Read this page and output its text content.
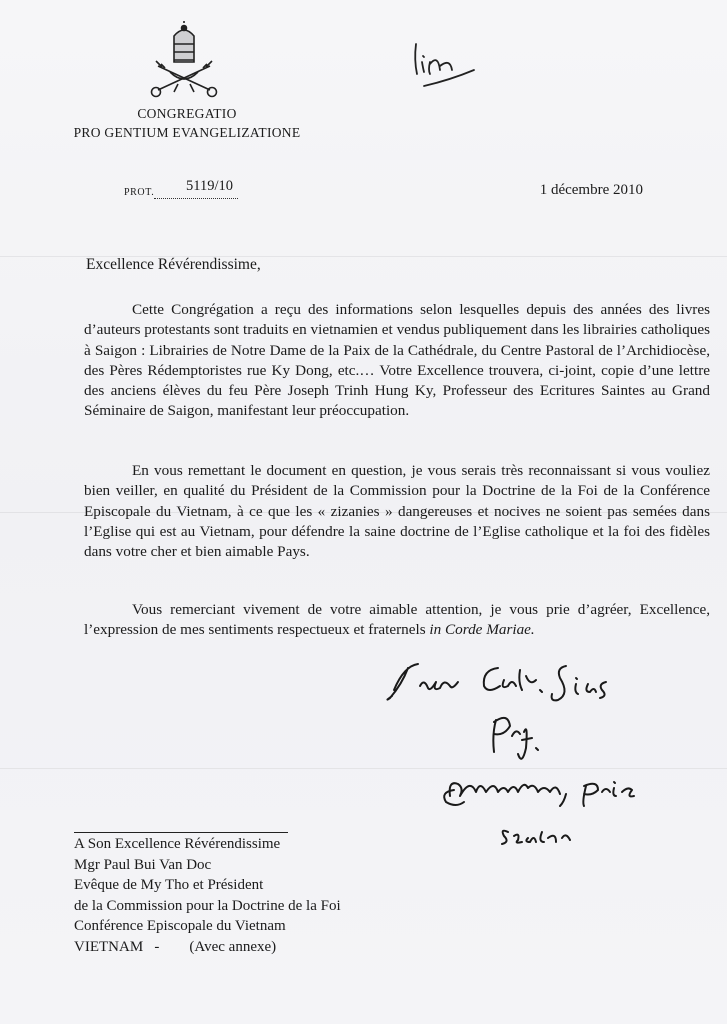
CONGREGATIO
PRO GENTIUM EVANGELIZATIONE
PROT. 5119/10	1 décembre 2010
Excellence Révérendissime,

Cette Congrégation a reçu des informations selon lesquelles depuis des années des livres d’auteurs protestants sont traduits en vietnamien et vendus publiquement dans les librairies catholiques à Saigon : Librairies de Notre Dame de la Paix de la Cathédrale, du Centre Pastoral de l’Archidiocèse, des Pères Rédemptoristes rue Ky Dong, etc.… Votre Excellence trouvera, ci-joint, copie d’une lettre des anciens élèves du feu Père Joseph Trinh Hung Ky, Professeur des Ecritures Saintes au Grand Séminaire de Saigon, manifestant leur préoccupation.

En vous remettant le document en question, je vous serais très reconnaissant si vous vouliez bien veiller, en qualité du Président de la Commission pour la Doctrine de la Foi de la Conférence Episcopale du Vietnam, à ce que les « zizanies » dangereuses et nocives ne soient pas semées dans l’Eglise qui est au Vietnam, pour défendre la saine doctrine de l’Eglise catholique et la foi des fidèles dans votre cher et bien aimable Pays.

Vous remerciant vivement de votre aimable attention, je vous prie d’agréer, Excellence, l’expression de mes sentiments respectueux et fraternels in Corde Mariae.

A Son Excellence Révérendissime
Mgr Paul Bui Van Doc
Evêque de My Tho et Président
de la Commission pour la Doctrine de la Foi
Conférence Episcopale du Vietnam
VIETNAM   -        (Avec annexe)
